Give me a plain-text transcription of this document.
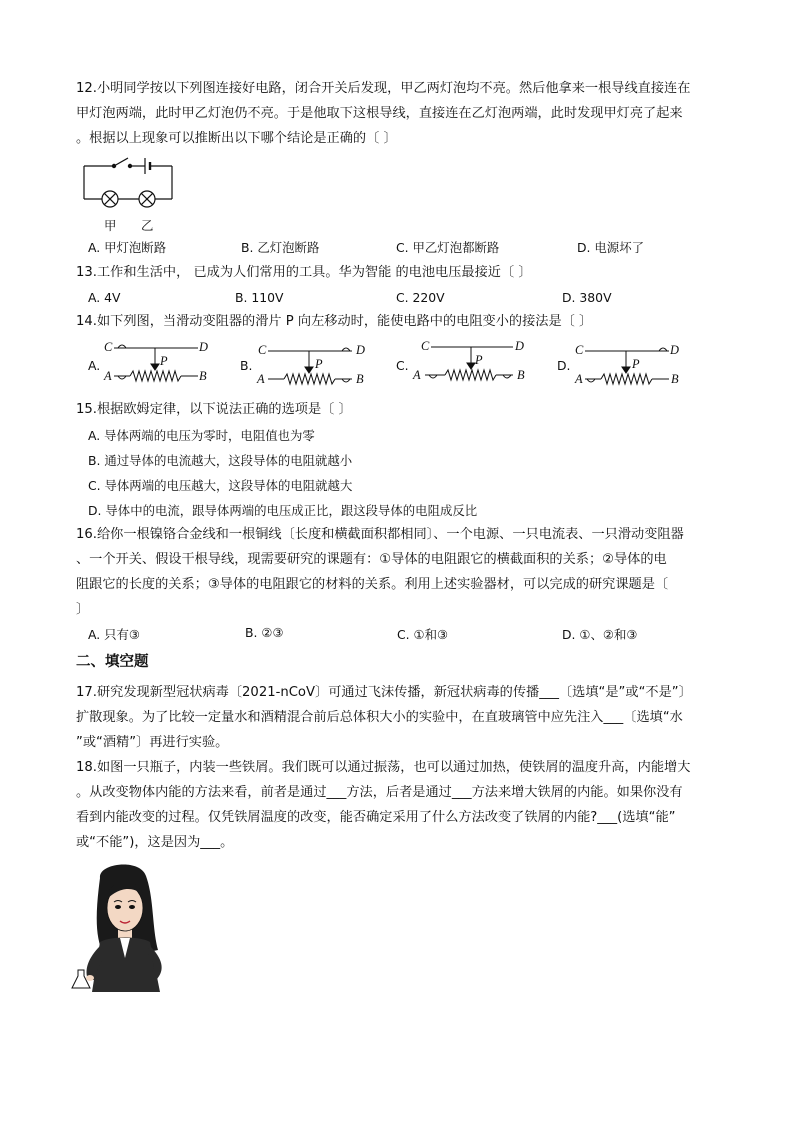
12.小明同学按以下列图连接好电路，闭合开关后发现，甲乙两灯泡均不亮。然后他拿来一根导线直接连在
甲灯泡两端，此时甲乙灯泡仍不亮。于是他取下这根导线，直接连在乙灯泡两端，此时发现甲灯亮了起来
。根据以上现象可以推断出以下哪个结论是正确的〔 〕
甲 乙
A. 甲灯泡断路	B. 乙灯泡断路	C. 甲乙灯泡都断路	D. 电源坏了
13.工作和生活中， 已成为人们常用的工具。华为智能 的电池电压最接近〔 〕
A. 4V	B. 110V	C. 220V	D. 380V
14.如下列图，当滑动变阻器的滑片 P 向左移动时，能使电路中的电阻变小的接法是〔 〕
A.
C	D
A	B
P	B.
C	D
A	B
P	C.
C	D
A	B
P	D.
C	D
A	B
P
15.根据欧姆定律，以下说法正确的选项是〔 〕
A. 导体两端的电压为零时，电阻值也为零
B. 通过导体的电流越大，这段导体的电阻就越小
C. 导体两端的电压越大，这段导体的电阻就越大
D. 导体中的电流，跟导体两端的电压成正比，跟这段导体的电阻成反比
16.给你一根镍铬合金线和一根铜线〔长度和横截面积都相同〕、一个电源、一只电流表、一只滑动变阻器
、一个开关、假设干根导线，现需要研究的课题有：①导体的电阻跟它的横截面积的关系；②导体的电
阻跟它的长度的关系；③导体的电阻跟它的材料的关系。利用上述实验器材，可以完成的研究课题是〔
〕
A. 只有③	B. ②③	C. ①和③	D. ①、②和③
二、填空题
17.研究发现新型冠状病毒〔2021-nCoV〕可通过飞沫传播，新冠状病毒的传播___〔选填“是”或“不是”〕
扩散现象。为了比较一定量水和酒精混合前后总体积大小的实验中，在直玻璃管中应先注入___〔选填“水
”或“酒精”〕再进行实验。
18.如图一只瓶子，内装一些铁屑。我们既可以通过振荡，也可以通过加热，使铁屑的温度升高，内能增大
。从改变物体内能的方法来看，前者是通过___方法，后者是通过___方法来增大铁屑的内能。如果你没有
看到内能改变的过程。仅凭铁屑温度的改变，能否确定采用了什么方法改变了铁屑的内能?___(选填“能”
或“不能”)，这是因为___。
